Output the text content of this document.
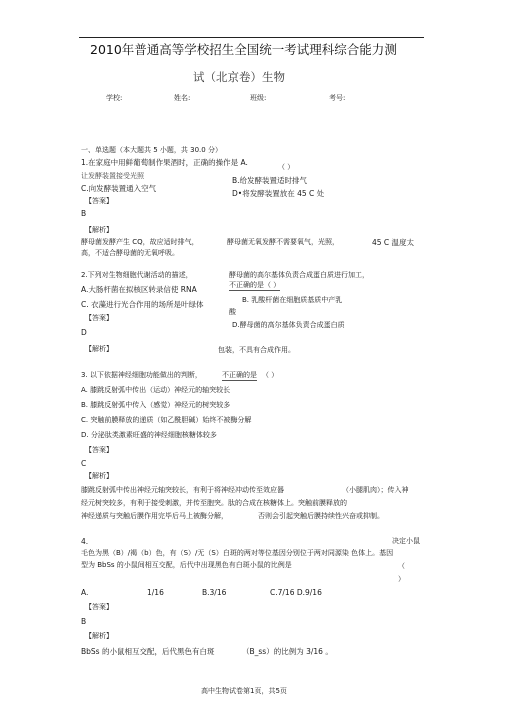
2010年普通高等学校招生全国统一考试理科综合能力测
试（北京卷）生物
学校:	姓名:	班级:	考号:
一、单选题（本大题共 5 小题，共 30.0 分）
1.在家庭中用鲜葡萄制作果酒时，正确的操作是 A.	（ ）
让发酵装置接受光照	B.给发酵装置适时排气
C.向发酵装置通入空气
D•将发酵装置放在 45 C 处
【答案】
B
【解析】
酵母菌发酵产生 CQ，故应适时排气，	酵母菌无氧发酵不需要氧气，光照，	45 C 温度太
高，不适合酵母菌的无氧呼吸。
2.下列对生物细胞代谢活动的描述，	酵母菌的高尔基体负责合成蛋白质进行加工，
不正确的是（ ）
A.大肠杆菌在拟核区转录信使 RNA
B. 乳酸杆菌在细胞质基质中产乳
C. 衣藻进行光合作用的场所是叶绿体
酸
【答案】
D.酵母菌的高尔基体负责合成蛋白质
D
【解析】	包装，不具有合成作用。
3. 以下依据神经细胞功能做出的判断，	不正确的是 （ ）
A. 膝跳反射弧中传出（运动）神经元的轴突较长
B. 膝跳反射弧中传入（感觉）神经元的树突较多
C. 突触前膜释放的递质（如乙酰胆碱）始终不被酶分解
D. 分泌肽类激素旺盛的神经细胞核糖体较多
【答案】
C
【解析】
膝跳反射弧中传出神经元轴突较长，有利于将神经冲动传至效应器	（小腿肌肉）；传入神
经元树突较多，有利于接受刺激，并传至胞突。肽的合成在核糖体上。突触前膜释放的
神经递质与突触后膜作用完毕后马上被酶分解，	否则会引起突触后膜持续性兴奋或抑制。
4.	决定小鼠
毛色为黑（B）/褐（b）色，有（S）/无（S）白斑的两对等位基因分别位于两对同源染 色体上。基因
型为 BbSs 的小鼠间相互交配，后代中出现黑色有白斑小鼠的比例是	（
）
A.	1/16	B.3/16	C.7/16 D.9/16
【答案】
B
【解析】
BbSs 的小鼠相互交配，后代黑色有白斑	（B_ss）的比例为 3/16 。
高中生物试卷第1页，共5页
